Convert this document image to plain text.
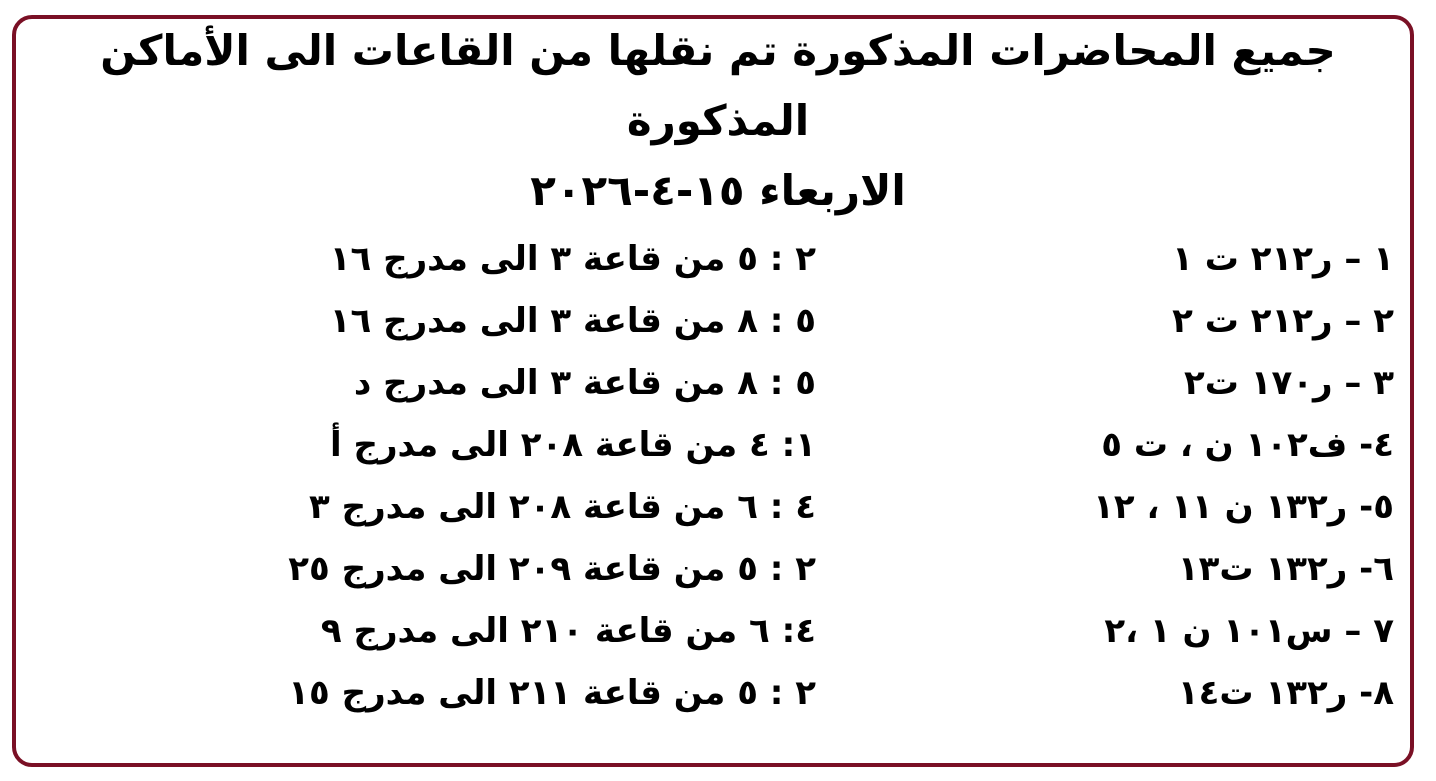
جميع المحاضرات المذكورة تم نقلها من القاعات الى الأماكن
المذكورة
الاربعاء ١٥-٤-٢٠٢٦
١ – ر٢١٢ ت ١
٢ : ٥ من قاعة ٣ الى مدرج ١٦
٢ – ر٢١٢ ت ٢
٥ : ٨ من قاعة ٣ الى مدرج ١٦
٣ – ر١٧٠ ت٢
٥ : ٨ من قاعة ٣ الى مدرج د
٤- ف١٠٢ ن ، ت ٥
١: ٤ من قاعة ٢٠٨ الى مدرج أ
٥- ر١٣٢ ن ١١ ، ١٢
٤ : ٦ من قاعة ٢٠٨ الى مدرج ٣
٦- ر١٣٢ ت١٣
٢ : ٥ من قاعة ٢٠٩ الى مدرج ٢٥
٧ – س١٠١ ن ١ ،٢
٤: ٦ من قاعة ٢١٠ الى مدرج ٩
٨- ر١٣٢ ت١٤
٢ : ٥ من قاعة ٢١١ الى مدرج ١٥
